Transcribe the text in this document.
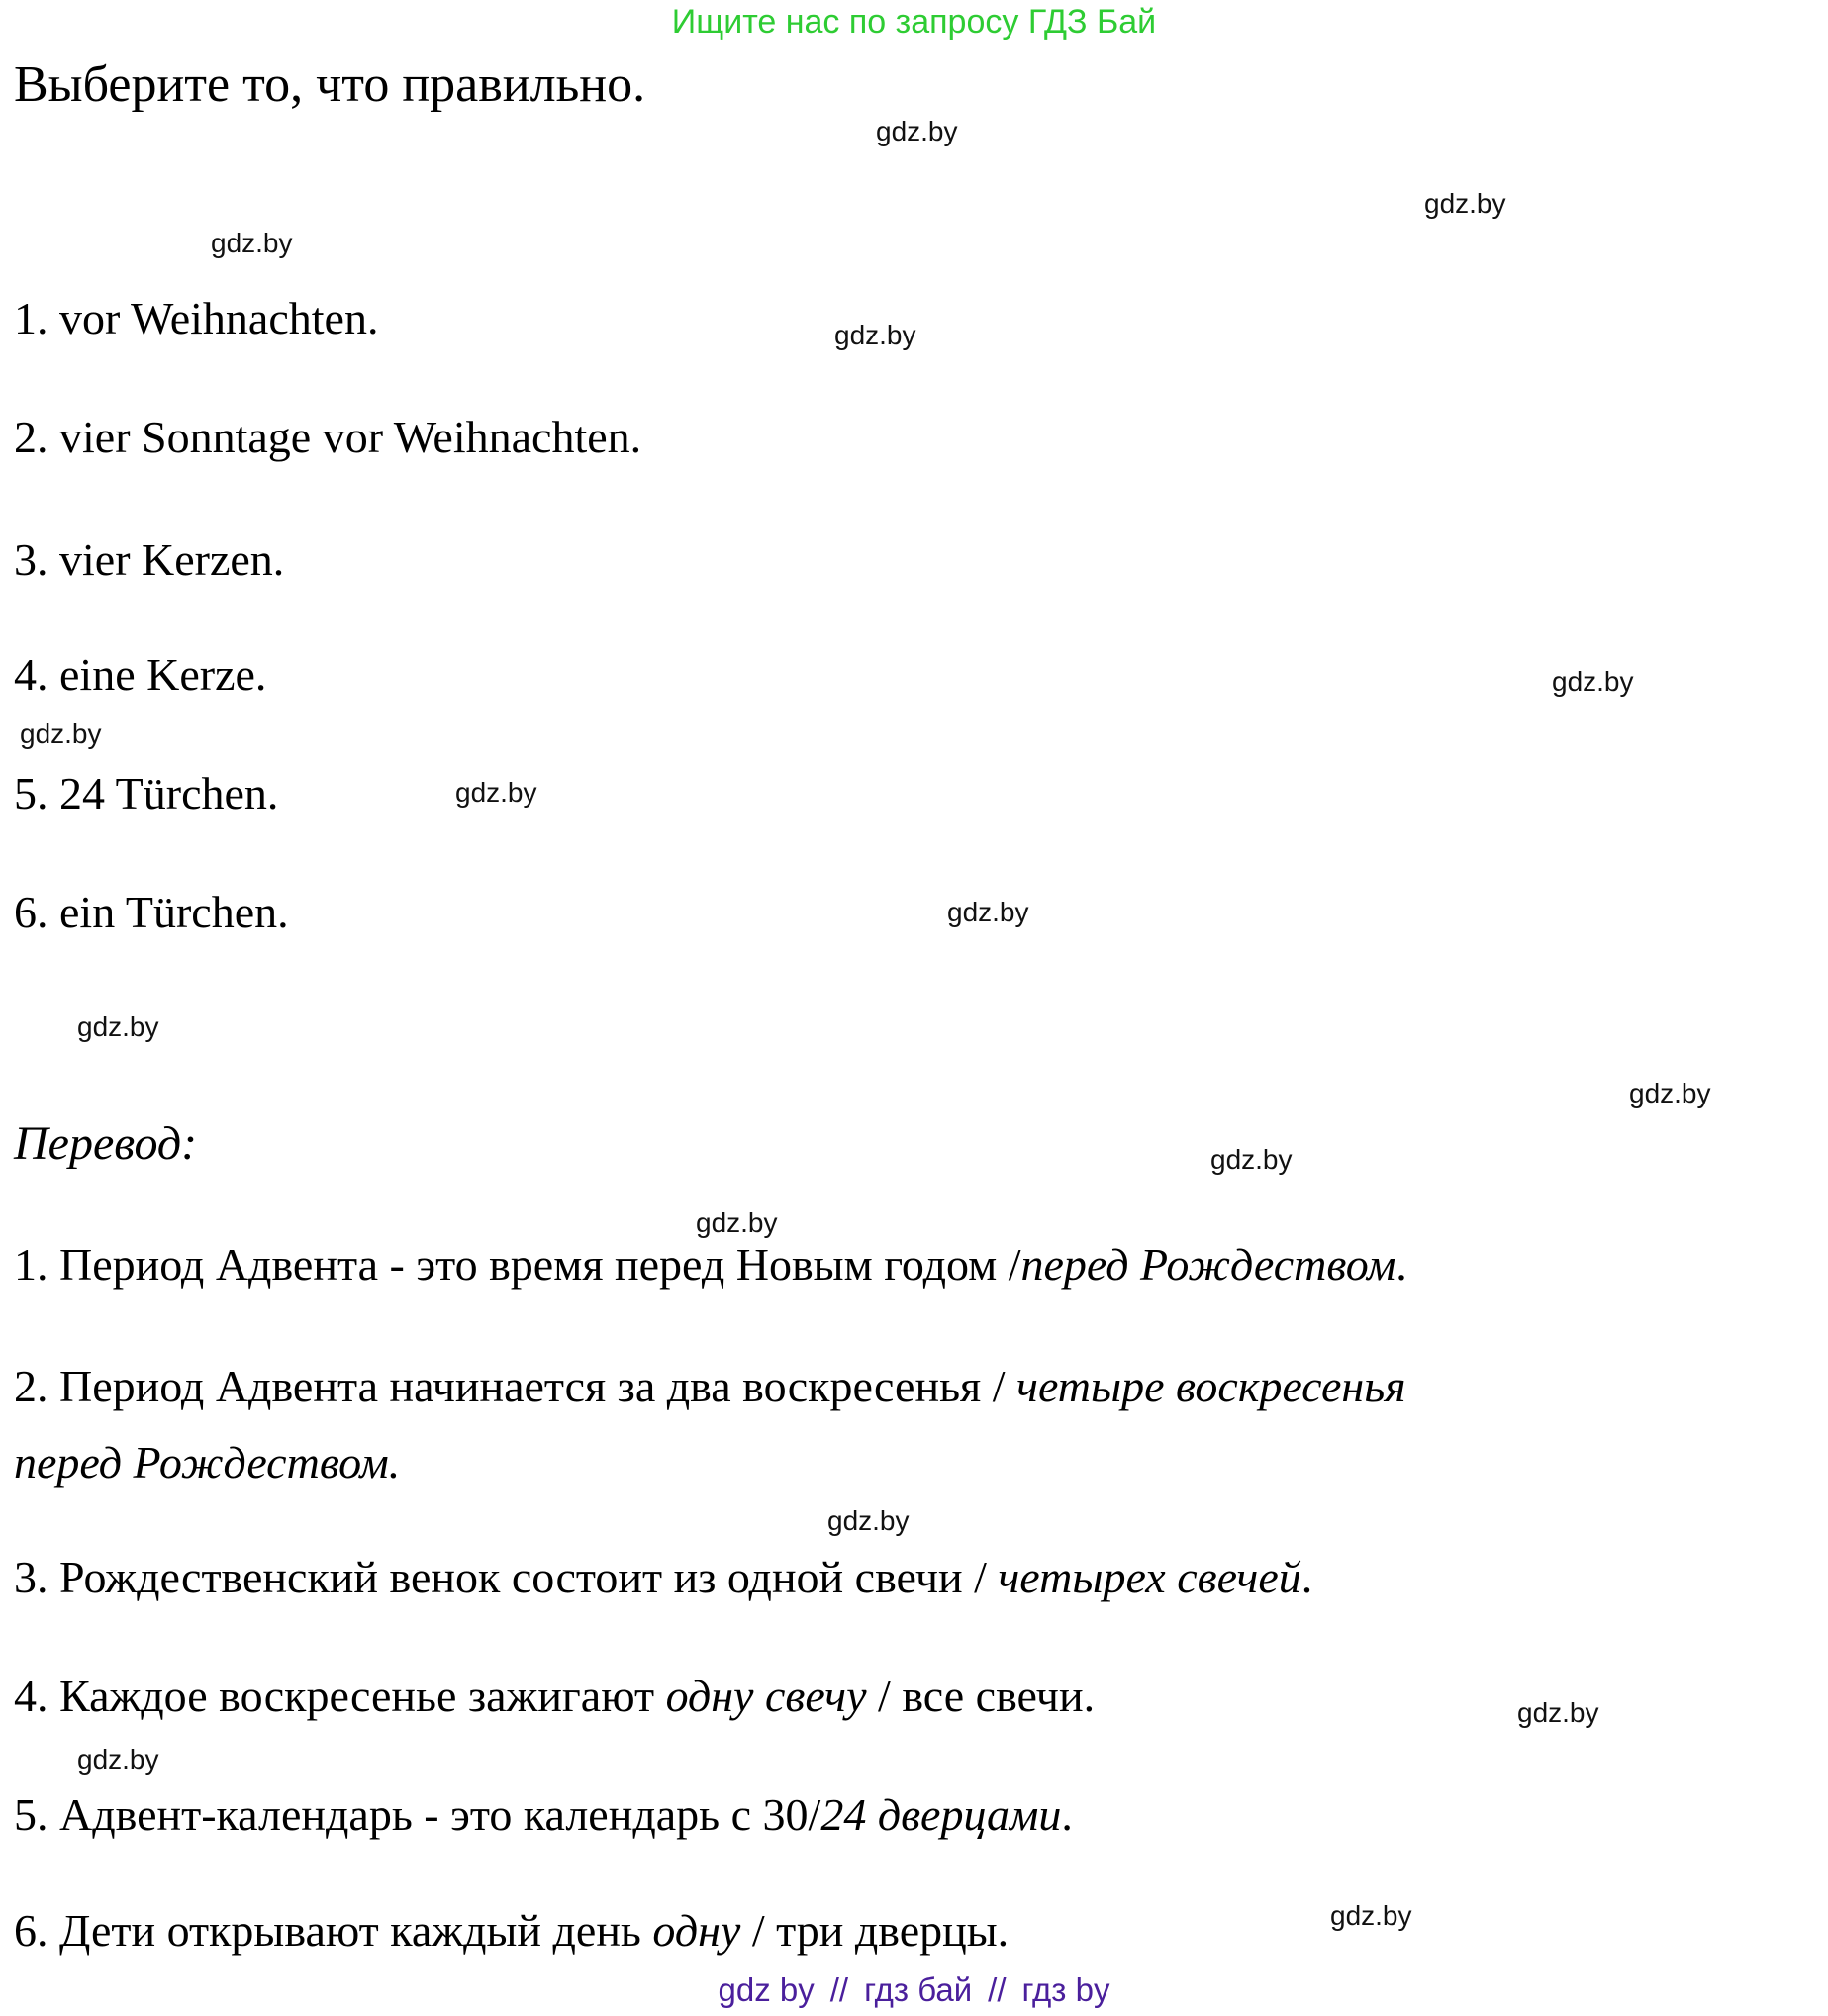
Ищите нас по запросу ГДЗ Бай
Выберите то, что правильно.
1. vor Weihnachten.
2. vier Sonntage vor Weihnachten.
3. vier Kerzen.
4. eine Kerze.
5. 24 Türchen.
6. ein Türchen.
Перевод:
1. Период Адвента - это время перед Новым годом /перед Рождеством.
2. Период Адвента начинается за два воскресенья / четыре воскресенья
перед Рождеством.
3. Рождественский венок состоит из одной свечи / четырех свечей.
4. Каждое воскресенье зажигают одну свечу / все свечи.
5. Адвент-календарь - это календарь с 30/24 дверцами.
6. Дети открывают каждый день одну / три дверцы.
gdz.by
gdz.by
gdz.by
gdz.by
gdz.by
gdz.by
gdz.by
gdz.by
gdz.by
gdz.by
gdz.by
gdz.by
gdz.by
gdz.by
gdz.by
gdz.by
gdz by // гдз бай // гдз by
